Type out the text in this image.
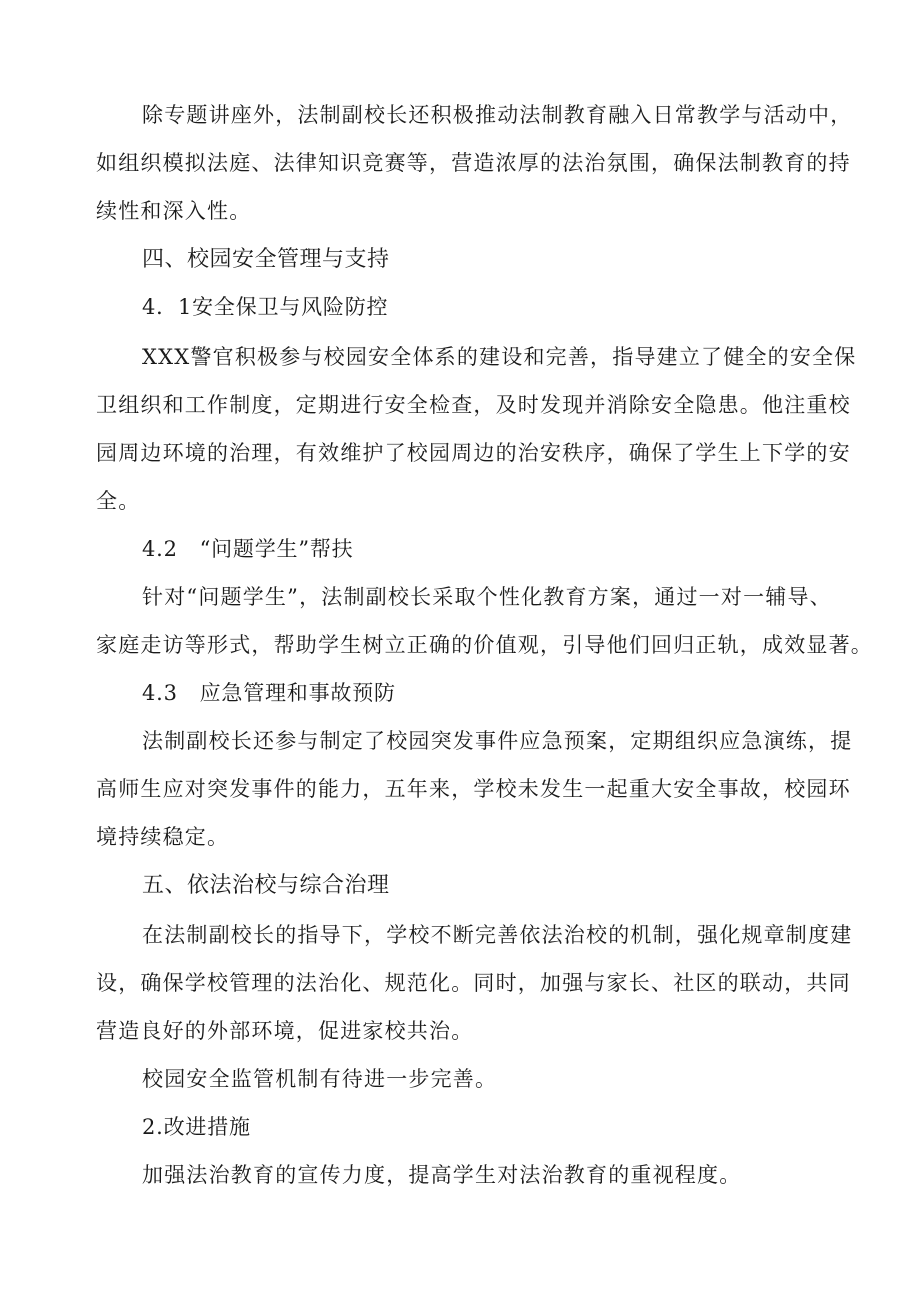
除专题讲座外，法制副校长还积极推动法制教育融入日常教学与活动中，
如组织模拟法庭、法律知识竞赛等，营造浓厚的法治氛围，确保法制教育的持
续性和深入性。
四、校园安全管理与支持
4．1安全保卫与风险防控
XXX警官积极参与校园安全体系的建设和完善，指导建立了健全的安全保
卫组织和工作制度，定期进行安全检查，及时发现并消除安全隐患。他注重校
园周边环境的治理，有效维护了校园周边的治安秩序，确保了学生上下学的安
全。
4.2　“问题学生”帮扶
针对“问题学生”，法制副校长采取个性化教育方案，通过一对一辅导、
家庭走访等形式，帮助学生树立正确的价值观，引导他们回归正轨，成效显著。
4.3　应急管理和事故预防
法制副校长还参与制定了校园突发事件应急预案，定期组织应急演练，提
高师生应对突发事件的能力，五年来，学校未发生一起重大安全事故，校园环
境持续稳定。
五、依法治校与综合治理
在法制副校长的指导下，学校不断完善依法治校的机制，强化规章制度建
设，确保学校管理的法治化、规范化。同时，加强与家长、社区的联动，共同
营造良好的外部环境，促进家校共治。
校园安全监管机制有待进一步完善。
2.改进措施
加强法治教育的宣传力度，提高学生对法治教育的重视程度。
